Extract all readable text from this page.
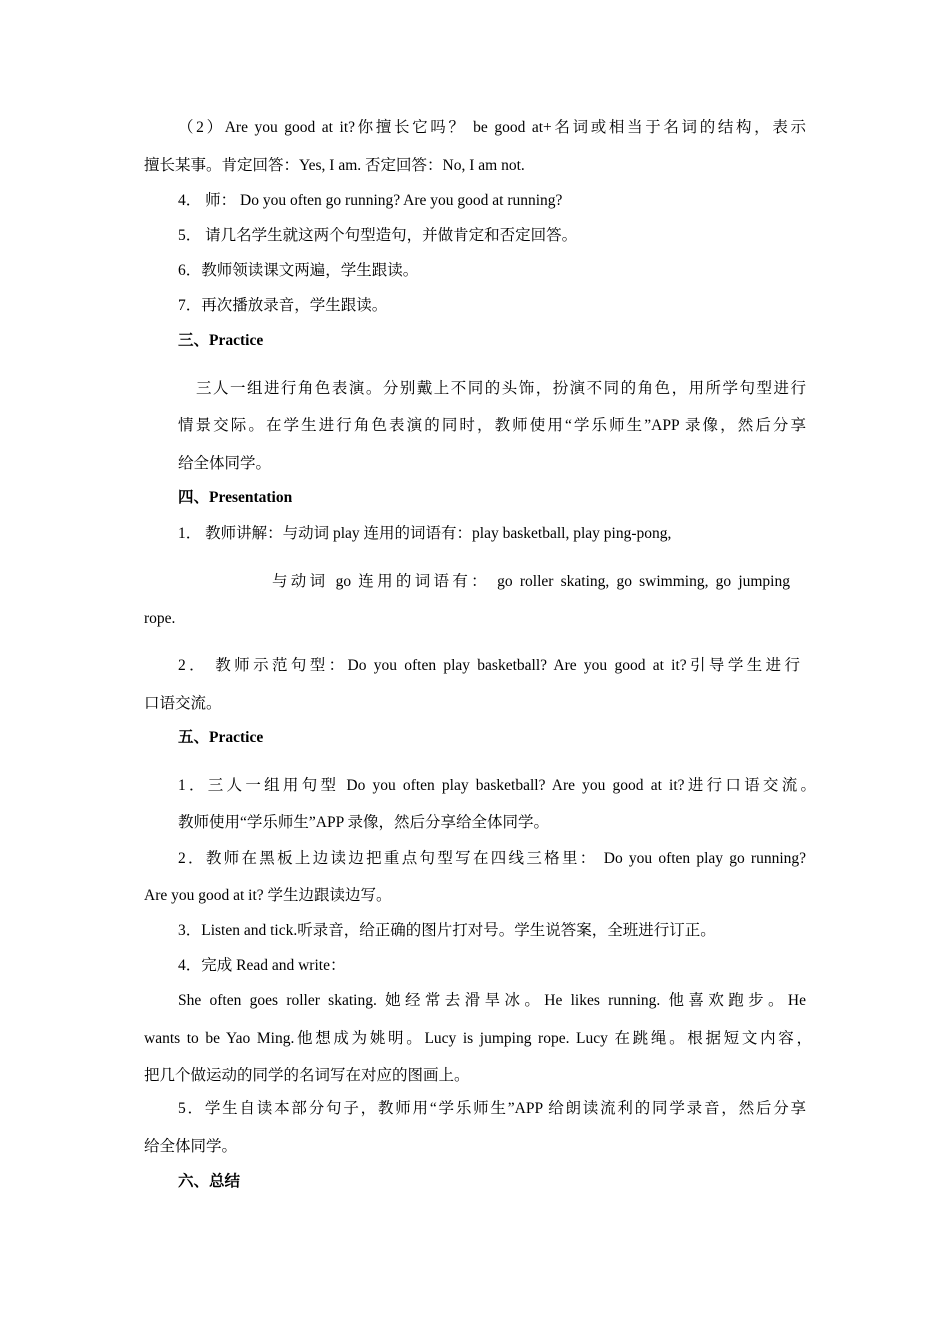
（2）Are you good at it?你擅长它吗？ be good at+名词或相当于名词的结构，表示
擅长某事。肯定回答：Yes, I am. 否定回答：No, I am not.
4． 师： Do you often go running? Are you good at running?
5． 请几名学生就这两个句型造句，并做肯定和否定回答。
6．教师领读课文两遍，学生跟读。
7．再次播放录音，学生跟读。
三、Practice
三人一组进行角色表演。分别戴上不同的头饰，扮演不同的角色，用所学句型进行
情景交际。在学生进行角色表演的同时，教师使用“学乐师生”APP 录像，然后分享
给全体同学。
四、Presentation
1． 教师讲解：与动词 play 连用的词语有：play basketball, play ping-pong,
与动词 go 连用的词语有： go roller skating, go swimming, go jumping
rope.
2． 教师示范句型：Do you often play basketball? Are you good at it?引导学生进行
口语交流。
五、Practice
1．三人一组用句型 Do you often play basketball? Are you good at it?进行口语交流。
教师使用“学乐师生”APP 录像，然后分享给全体同学。
2．教师在黑板上边读边把重点句型写在四线三格里： Do you often play go running?
Are you good at it? 学生边跟读边写。
3．Listen and tick.听录音，给正确的图片打对号。学生说答案，全班进行订正。
4．完成 Read and write：
She often goes roller skating. 她经常去滑旱冰。He likes running. 他喜欢跑步。He
wants to be Yao Ming.他想成为姚明。Lucy is jumping rope. Lucy 在跳绳。根据短文内容，
把几个做运动的同学的名词写在对应的图画上。
5．学生自读本部分句子，教师用“学乐师生”APP 给朗读流利的同学录音，然后分享
给全体同学。
六、总结
